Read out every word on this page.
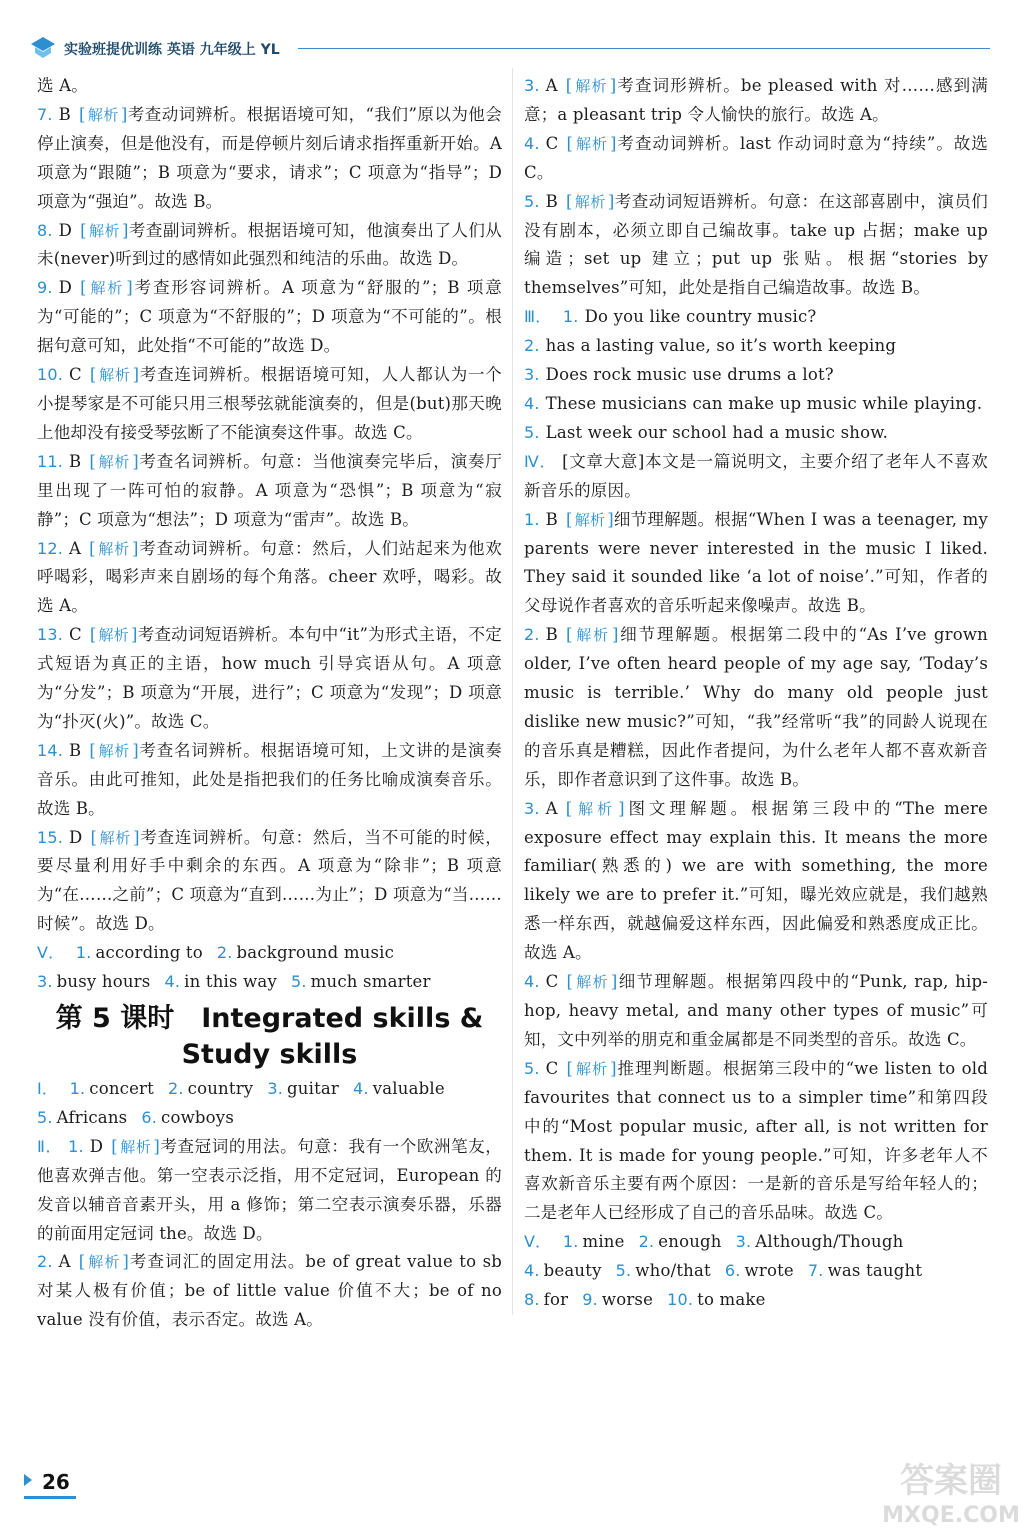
实验班提优训练 英语 九年级上 YL
选 A。
7. B [ 解析 ]考查动词辨析。根据语境可知，“我们”原以为他会停止演奏，但是他没有，而是停顿片刻后请求指挥重新开始。A 项意为“跟随”；B 项意为“要求，请求”；C 项意为“指导”；D 项意为“强迫”。故选 B。
8. D [ 解析 ]考查副词辨析。根据语境可知，他演奏出了人们从未(never)听到过的感情如此强烈和纯洁的乐曲。故选 D。
9. D [ 解析 ]考查形容词辨析。A 项意为“舒服的”；B 项意为“可能的”；C 项意为“不舒服的”；D 项意为“不可能的”。根据句意可知，此处指“不可能的”故选 D。
10. C [ 解析 ]考查连词辨析。根据语境可知，人人都认为一个小提琴家是不可能只用三根琴弦就能演奏的，但是(but)那天晚上他却没有接受琴弦断了不能演奏这件事。故选 C。
11. B [ 解析 ]考查名词辨析。句意：当他演奏完毕后，演奏厅里出现了一阵可怕的寂静。A 项意为“恐惧”；B 项意为“寂静”；C 项意为“想法”；D 项意为“雷声”。故选 B。
12. A [ 解析 ]考查动词辨析。句意：然后，人们站起来为他欢呼喝彩，喝彩声来自剧场的每个角落。cheer 欢呼，喝彩。故选 A。
13. C [ 解析 ]考查动词短语辨析。本句中“it”为形式主语，不定式短语为真正的主语，how much 引导宾语从句。A 项意为“分发”；B 项意为“开展，进行”；C 项意为“发现”；D 项意为“扑灭(火)”。故选 C。
14. B [ 解析 ]考查名词辨析。根据语境可知，上文讲的是演奏音乐。由此可推知，此处是指把我们的任务比喻成演奏音乐。故选 B。
15. D [ 解析 ]考查连词辨析。句意：然后，当不可能的时候，要尽量利用好手中剩余的东西。A 项意为“除非”；B 项意为“在……之前”；C 项意为“直到……为止”；D 项意为“当……时候”。故选 D。
Ⅴ． 1. according to 2. background music
3. busy hours 4. in this way 5. much smarter
第 5 课时　Integrated skills &
Study skills
Ⅰ． 1. concert 2. country 3. guitar 4. valuable
5. Africans 6. cowboys
Ⅱ． 1. D [ 解析 ]考查冠词的用法。句意：我有一个欧洲笔友，他喜欢弹吉他。第一空表示泛指，用不定冠词，European 的发音以辅音音素开头，用 a 修饰；第二空表示演奏乐器，乐器的前面用定冠词 the。故选 D。
2. A [ 解析 ]考查词汇的固定用法。be of great value to sb 对某人极有价值；be of little value 价值不大；be of no value 没有价值，表示否定。故选 A。
3. A [ 解析 ]考查词形辨析。be pleased with 对……感到满意；a pleasant trip 令人愉快的旅行。故选 A。
4. C [ 解析 ]考查动词辨析。last 作动词时意为“持续”。故选 C。
5. B [ 解析 ]考查动词短语辨析。句意：在这部喜剧中，演员们没有剧本，必须立即自己编故事。take up 占据；make up 编造；set up 建立；put up 张贴。根据“stories by themselves”可知，此处是指自己编造故事。故选 B。
Ⅲ． 1. Do you like country music?
2. has a lasting value, so it’s worth keeping
3. Does rock music use drums a lot?
4. These musicians can make up music while playing.
5. Last week our school had a music show.
Ⅳ． [文章大意]本文是一篇说明文，主要介绍了老年人不喜欢新音乐的原因。
1. B [ 解析 ]细节理解题。根据“When I was a teenager, my parents were never interested in the music I liked. They said it sounded like ‘a lot of noise’.”可知，作者的父母说作者喜欢的音乐听起来像噪声。故选 B。
2. B [ 解析 ]细节理解题。根据第二段中的“As I’ve grown older, I’ve often heard people of my age say, ‘Today’s music is terrible.’ Why do many old people just dislike new music?”可知，“我”经常听“我”的同龄人说现在的音乐真是糟糕，因此作者提问，为什么老年人都不喜欢新音乐，即作者意识到了这件事。故选 B。
3. A [ 解析 ]图文理解题。根据第三段中的“The mere exposure effect may explain this. It means the more familiar(熟悉的) we are with something, the more likely we are to prefer it.”可知，曝光效应就是，我们越熟悉一样东西，就越偏爱这样东西，因此偏爱和熟悉度成正比。故选 A。
4. C [ 解析 ]细节理解题。根据第四段中的“Punk, rap, hip-hop, heavy metal, and many other types of music”可知，文中列举的朋克和重金属都是不同类型的音乐。故选 C。
5. C [ 解析 ]推理判断题。根据第三段中的“we listen to old favourites that connect us to a simpler time”和第四段中的“Most popular music, after all, is not written for them. It is made for young people.”可知，许多老年人不喜欢新音乐主要有两个原因：一是新的音乐是写给年轻人的；二是老年人已经形成了自己的音乐品味。故选 C。
Ⅴ． 1. mine 2. enough 3. Although/Though
4. beauty 5. who/that 6. wrote 7. was taught
8. for 9. worse 10. to make
26	答案圈
MXQE.COM
